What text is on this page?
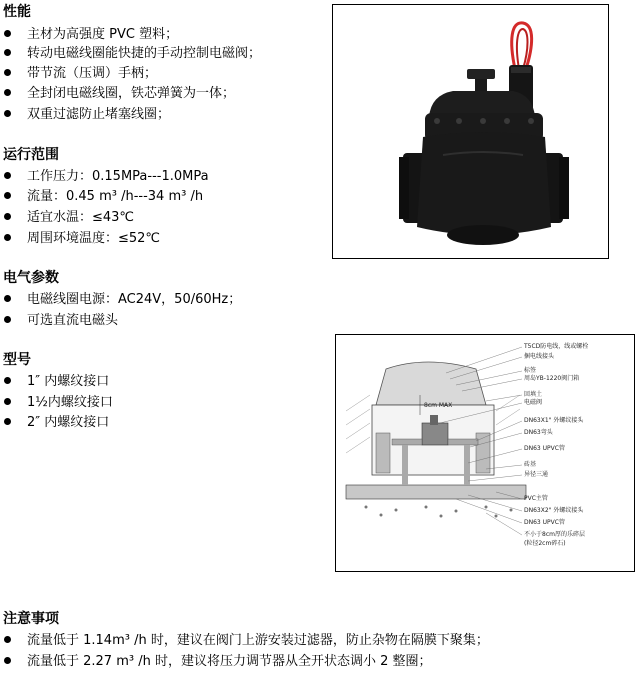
性能
主材为高强度 PVC 塑料；
转动电磁线圈能快捷的手动控制电磁阀；
带节流（压调）手柄；
全封闭电磁线圈，铁芯弹簧为一体；
双重过滤防止堵塞线圈；
运行范围
工作压力：0.15MPa---1.0MPa
流量：0.45 m³ /h---34 m³ /h
适宜水温：≤43℃
周围环境温度：≤52℃
电气参数
电磁线圈电源：AC24V，50/60Hz；
可选直流电磁头
型号
1″ 内螺纹接口
1½内螺纹接口
2″ 内螺纹接口
注意事项
流量低于 1.14m³ /h 时，建议在阀门上游安装过滤器，防止杂物在隔膜下聚集；
流量低于 2.27 m³ /h 时，建议将压力调节器从全开状态调小 2 整圈；
8cm MAX
T5CD防电线，线或螺栓
捆电线接头
标签
周岛YB-1220阀门箱
回填土
电磁阀
DN63X1" 外螺纹接头
DN63弯头
DN63 UPVC管
砖基
异径三通
PVC主管
DN63X2" 外螺纹接头
DN63 UPVC管
不小于8cm厚的乐碎层
(粒径2cm碎石)
